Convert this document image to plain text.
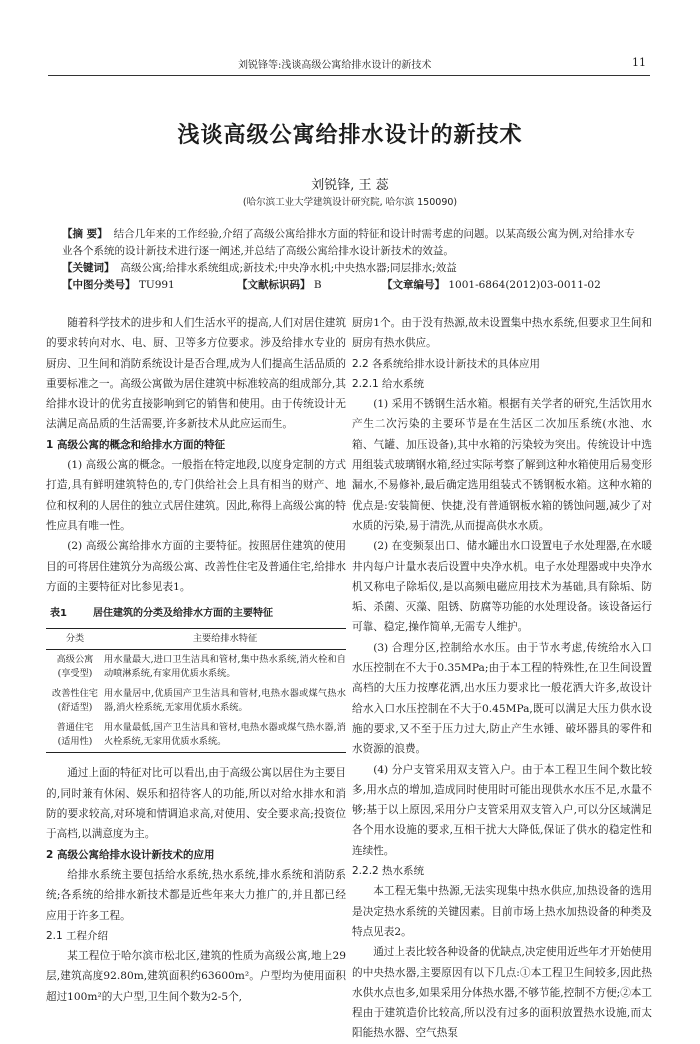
刘锐锋等:浅谈高级公寓给排水设计的新技术	11
浅谈高级公寓给排水设计的新技术
刘锐锋, 王 蕊
(哈尔滨工业大学建筑设计研究院, 哈尔滨 150090)
【摘 要】 结合几年来的工作经验,介绍了高级公寓给排水方面的特征和设计时需考虑的问题。以某高级公寓为例,对给排水专业各个系统的设计新技术进行逐一阐述,并总结了高级公寓给排水设计新技术的效益。
【关键词】 高级公寓;给排水系统组成;新技术;中央净水机;中央热水器;同层排水;效益
【中图分类号】 TU991	【文献标识码】 B	【文章编号】 1001-6864(2012)03-0011-02

随着科学技术的进步和人们生活水平的提高,人们对居住建筑的要求转向对水、电、厨、卫等多方位要求。涉及给排水专业的厨房、卫生间和消防系统设计是否合理,成为人们提高生活品质的重要标准之一。高级公寓做为居住建筑中标准较高的组成部分,其给排水设计的优劣直接影响到它的销售和使用。由于传统设计无法满足高品质的生活需要,许多新技术从此应运而生。

1 高级公寓的概念和给排水方面的特征

(1) 高级公寓的概念。一般指在特定地段,以度身定制的方式打造,具有鲜明建筑特色的,专门供给社会上具有相当的财产、地位和权利的人居住的独立式居住建筑。因此,称得上高级公寓的特性应具有唯一性。

(2) 高级公寓给排水方面的主要特征。按照居住建筑的使用目的可将居住建筑分为高级公寓、改善性住宅及普通住宅,给排水方面的主要特征对比参见表1。

表1	居住建筑的分类及给排水方面的主要特征
分类	主要给排水特征
高级公寓
(享受型)	用水量最大,进口卫生洁具和管材,集中热水系统,消火栓和自动喷淋系统,有家用优质水系统。
改善性住宅
(舒适型)	用水量居中,优质国产卫生洁具和管材,电热水器或煤气热水器,消火栓系统,无家用优质水系统。
普通住宅
(适用性)	用水量最低,国产卫生洁具和管材,电热水器或煤气热水器,消火栓系统,无家用优质水系统。

通过上面的特征对比可以看出,由于高级公寓以居住为主要目的,同时兼有休闲、娱乐和招待客人的功能,所以对给水排水和消防的要求较高,对环境和情调追求高,对使用、安全要求高;投资位于高档,以满意度为主。

2 高级公寓给排水设计新技术的应用

给排水系统主要包括给水系统,热水系统,排水系统和消防系统;各系统的给排水新技术都是近些年来大力推广的,并且都已经应用于许多工程。

2.1 工程介绍

某工程位于哈尔滨市松北区,建筑的性质为高级公寓,地上29层,建筑高度92.80m,建筑面积约63600m²。户型均为使用面积超过100m²的大户型,卫生间个数为2-5个,

厨房1个。由于没有热源,故未设置集中热水系统,但要求卫生间和厨房有热水供应。

2.2 各系统给排水设计新技术的具体应用
2.2.1 给水系统

(1) 采用不锈钢生活水箱。根据有关学者的研究,生活饮用水产生二次污染的主要环节是在生活区二次加压系统(水池、水箱、气罐、加压设备),其中水箱的污染较为突出。传统设计中选用组装式玻璃钢水箱,经过实际考察了解到这种水箱使用后易变形漏水,不易修补,最后确定选用组装式不锈钢板水箱。这种水箱的优点是:安装简便、快捷,没有普通钢板水箱的锈蚀问题,减少了对水质的污染,易于清洗,从而提高供水水质。

(2) 在变频泵出口、储水罐出水口设置电子水处理器,在水暖井内每户计量水表后设置中央净水机。电子水处理器或中央净水机又称电子除垢仪,是以高频电磁应用技术为基础,具有除垢、防垢、杀菌、灭藻、阻锈、防腐等功能的水处理设备。该设备运行可靠、稳定,操作简单,无需专人维护。

(3) 合理分区,控制给水水压。由于节水考虑,传统给水入口水压控制在不大于0.35MPa;由于本工程的特殊性,在卫生间设置高档的大压力按摩花洒,出水压力要求比一般花洒大许多,故设计给水入口水压控制在不大于0.45MPa,既可以满足大压力供水设施的要求,又不至于压力过大,防止产生水锤、破坏器具的零件和水资源的浪费。

(4) 分户支管采用双支管入户。由于本工程卫生间个数比较多,用水点的增加,造成同时使用时可能出现供水水压不足,水量不够;基于以上原因,采用分户支管采用双支管入户,可以分区域满足各个用水设施的要求,互相干扰大大降低,保证了供水的稳定性和连续性。

2.2.2 热水系统

本工程无集中热源,无法实现集中热水供应,加热设备的选用是决定热水系统的关键因素。目前市场上热水加热设备的种类及特点见表2。

通过上表比较各种设备的优缺点,决定使用近些年才开始使用的中央热水器,主要原因有以下几点:①本工程卫生间较多,因此热水供水点也多,如果采用分体热水器,不够节能,控制不方便;②本工程由于建筑造价比较高,所以没有过多的面积放置热水设施,而太阳能热水器、空气热泵
